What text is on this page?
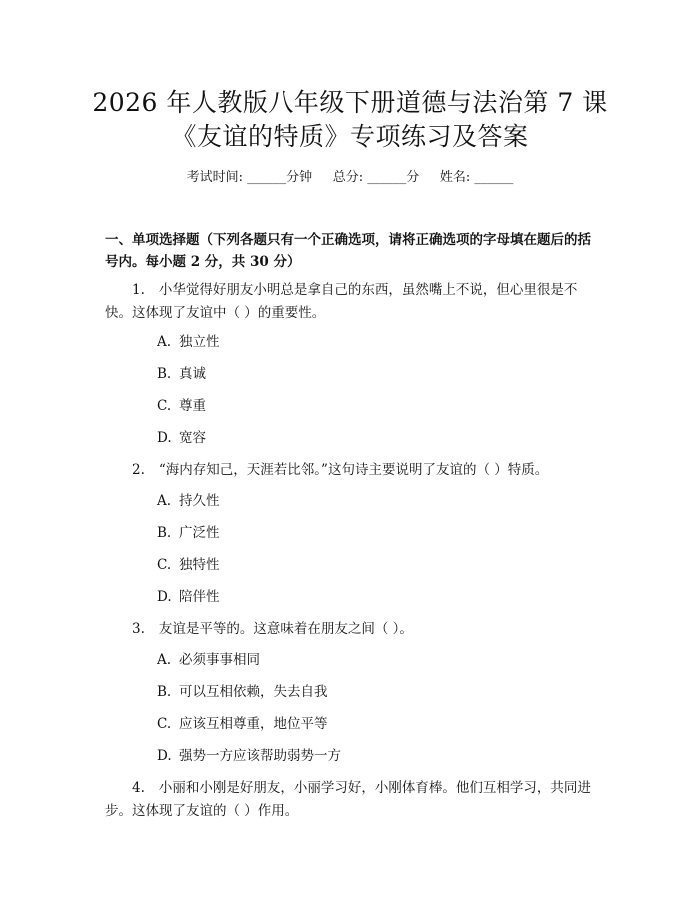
2026 年人教版八年级下册道德与法治第 7 课
《友谊的特质》专项练习及答案
考试时间: ______分钟     总分: ______分     姓名: ______
一、单项选择题（下列各题只有一个正确选项，请将正确选项的字母填在题后的括号内。每小题 2 分，共 30 分）
1. 小华觉得好朋友小明总是拿自己的东西，虽然嘴上不说，但心里很是不快。这体现了友谊中（ ）的重要性。
A. 独立性
B. 真诚
C. 尊重
D. 宽容
2. “海内存知己，天涯若比邻。”这句诗主要说明了友谊的（ ）特质。
A. 持久性
B. 广泛性
C. 独特性
D. 陪伴性
3. 友谊是平等的。这意味着在朋友之间（ ）。
A. 必须事事相同
B. 可以互相依赖，失去自我
C. 应该互相尊重，地位平等
D. 强势一方应该帮助弱势一方
4. 小丽和小刚是好朋友，小丽学习好，小刚体育棒。他们互相学习，共同进步。这体现了友谊的（ ）作用。
